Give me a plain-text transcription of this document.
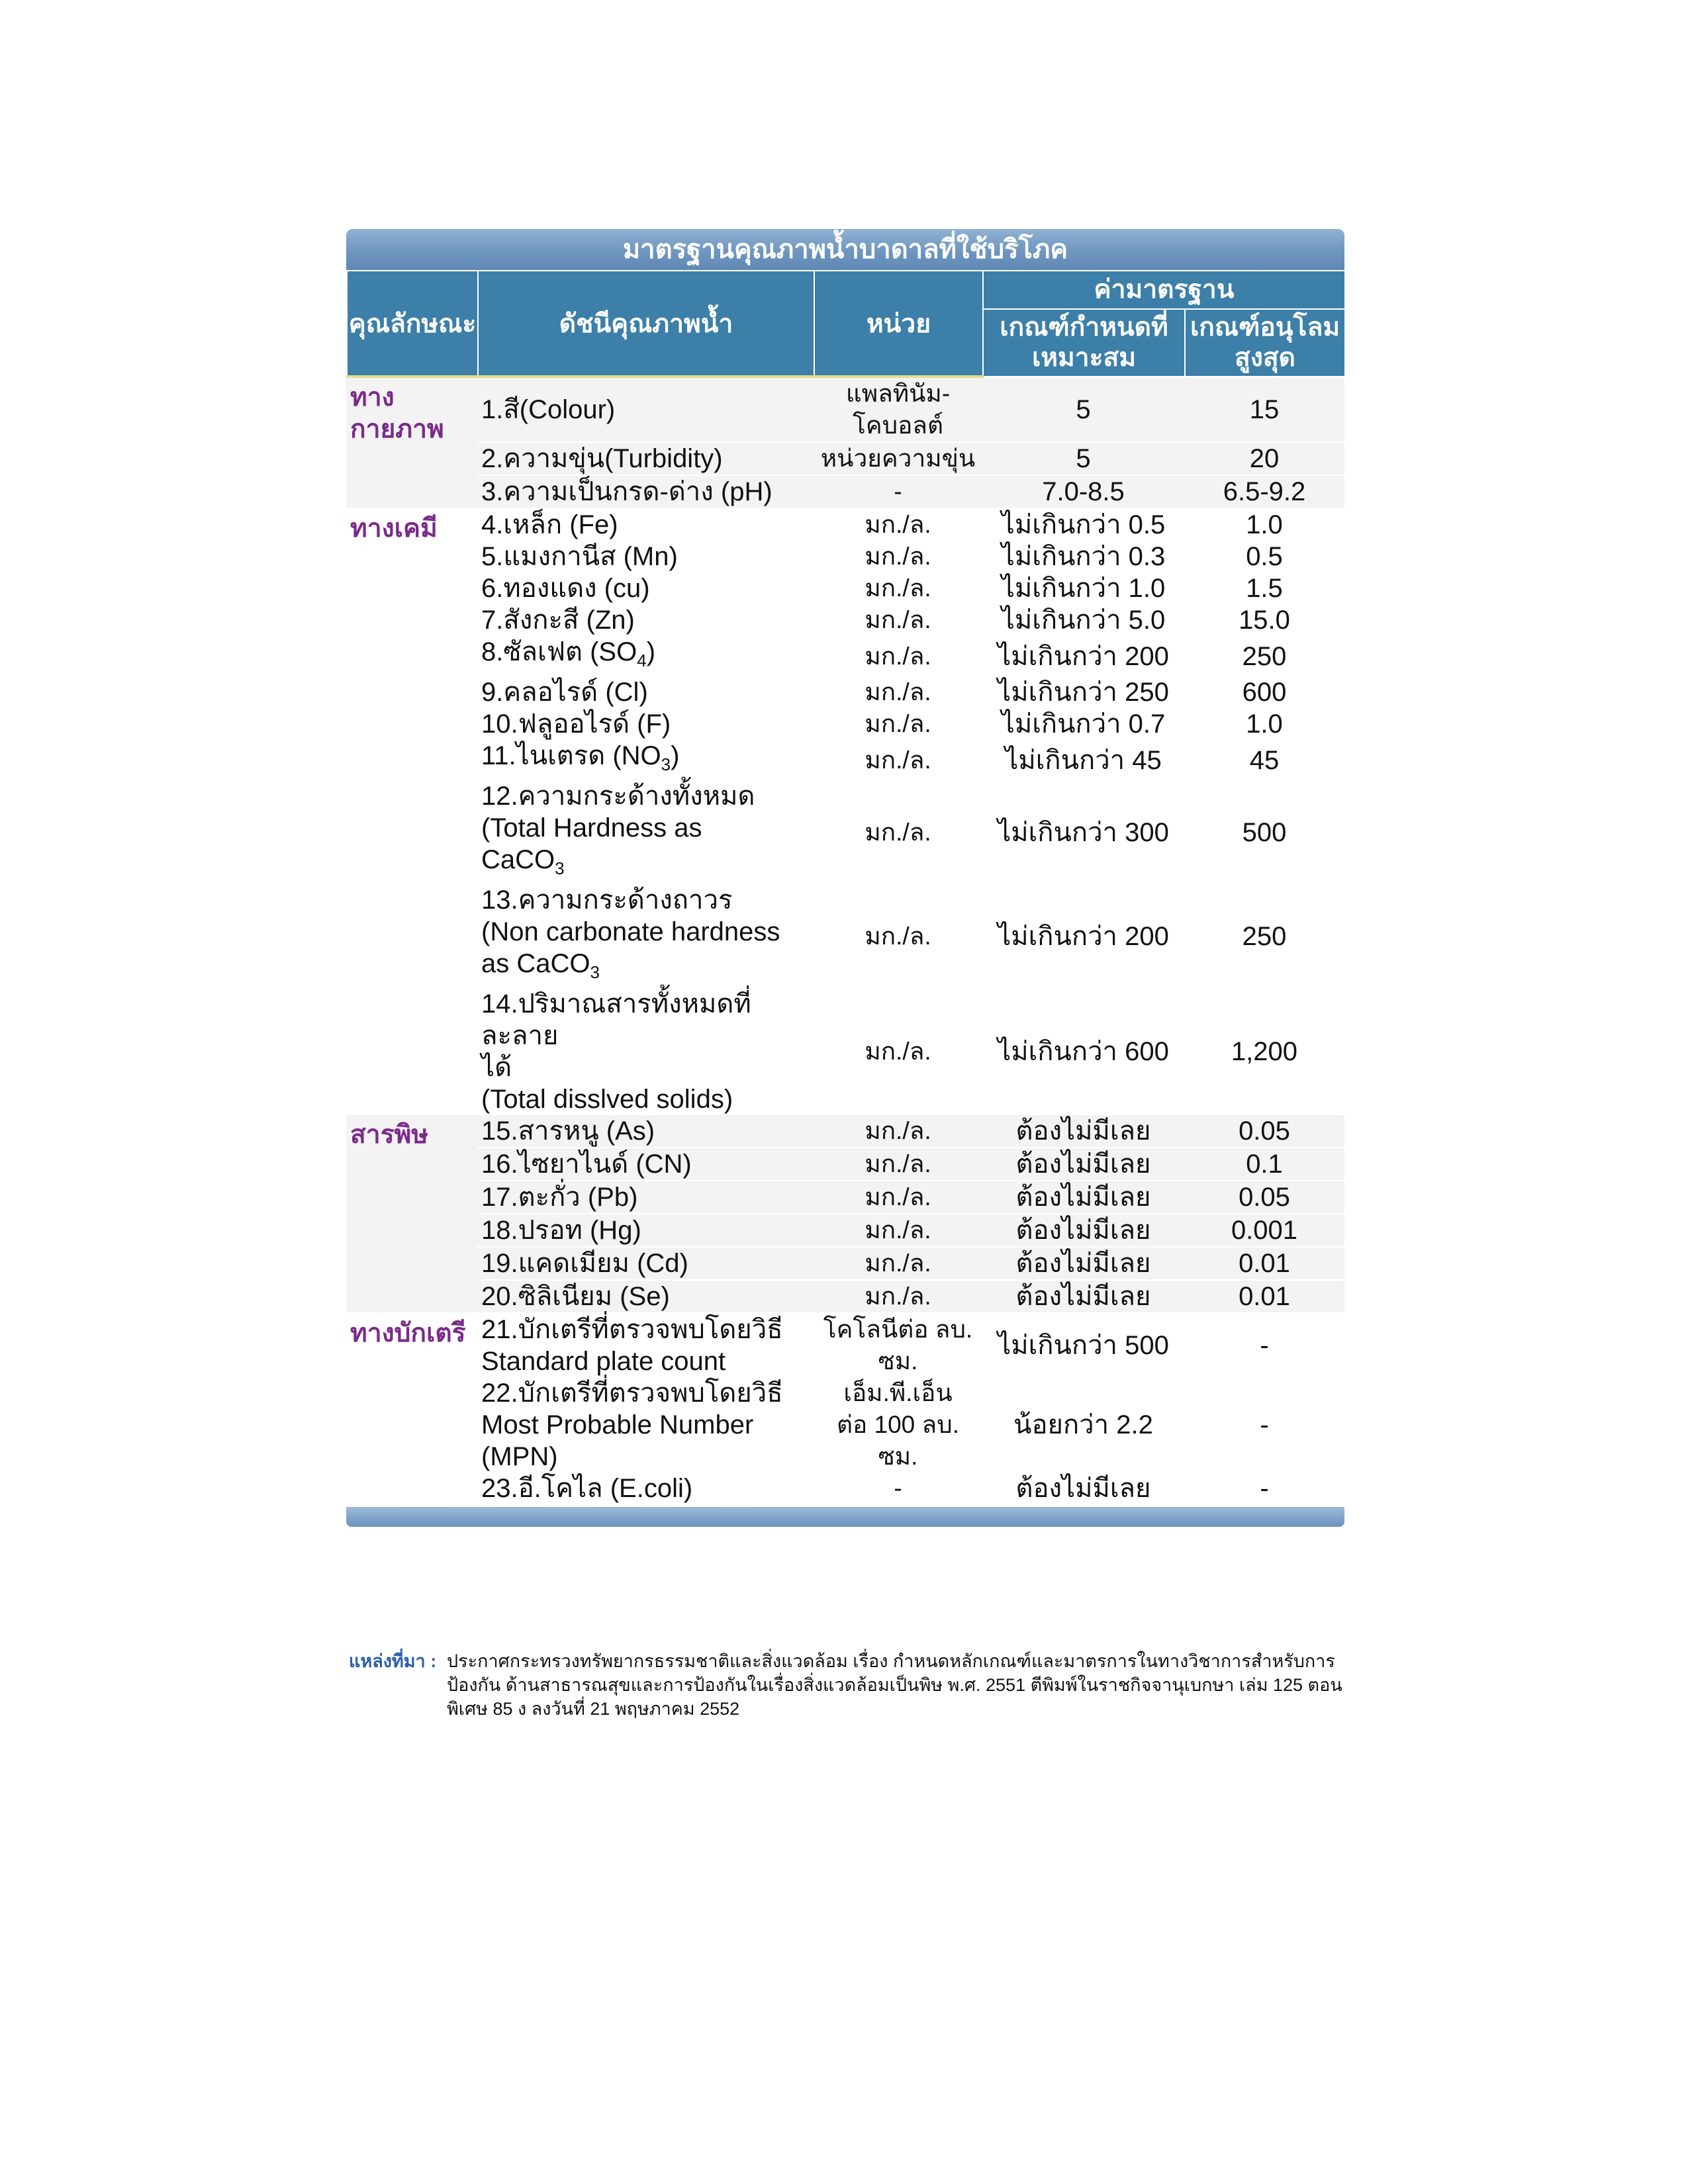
มาตรฐานคุณภาพน้ำบาดาลที่ใช้บริโภค
คุณลักษณะ	ดัชนีคุณภาพน้ำ	หน่วย	ค่ามาตรฐาน	
			เกณฑ์กำหนดที่เหมาะสม	เกณฑ์อนุโลมสูงสุด
ทางกายภาพ	1.สี(Colour)	แพลทินัม-โคบอลต์	5	15
	2.ความขุ่น(Turbidity)	หน่วยความขุ่น	5	20
	3.ความเป็นกรด-ด่าง (pH)	-	7.0-8.5	6.5-9.2
ทางเคมี	4.เหล็ก (Fe)	มก./ล.	ไม่เกินกว่า 0.5	1.0
	5.แมงกานีส (Mn)	มก./ล.	ไม่เกินกว่า 0.3	0.5
	6.ทองแดง (cu)	มก./ล.	ไม่เกินกว่า 1.0	1.5
	7.สังกะสี (Zn)	มก./ล.	ไม่เกินกว่า 5.0	15.0
	8.ซัลเฟต $(SO_4)$	มก./ล.	ไม่เกินกว่า 200	250
	9.คลอไรด์ (Cl)	มก./ล.	ไม่เกินกว่า 250	600
	10.ฟลูออไรด์ (F)	มก./ล.	ไม่เกินกว่า 0.7	1.0
	11.ไนเตรด $(NO_3)$	มก./ล.	ไม่เกินกว่า 45	45
	12.ความกระด้างทั้งหมด
(Total Hardness as
CaCO$_3$	มก./ล.	ไม่เกินกว่า 300	500
	13.ความกระด้างถาวร
(Non carbonate hardness
as CaCO$_3$	มก./ล.	ไม่เกินกว่า 200	250
	14.ปริมาณสารทั้งหมดที่ละลาย
ได้
(Total disslved solids)	มก./ล.	ไม่เกินกว่า 600	1,200
สารพิษ	15.สารหนู (As)	มก./ล.	ต้องไม่มีเลย	0.05
	16.ไซยาไนด์ (CN)	มก./ล.	ต้องไม่มีเลย	0.1
	17.ตะกั่ว (Pb)	มก./ล.	ต้องไม่มีเลย	0.05
	18.ปรอท (Hg)	มก./ล.	ต้องไม่มีเลย	0.001
	19.แคดเมียม (Cd)	มก./ล.	ต้องไม่มีเลย	0.01
	20.ซิลิเนียม (Se)	มก./ล.	ต้องไม่มีเลย	0.01
ทางบักเตรี	21.บักเตรีที่ตรวจพบโดยวิธี
Standard plate count	โคโลนีต่อ ลบ.
ซม.	ไม่เกินกว่า 500	-
	22.บักเตรีที่ตรวจพบโดยวิธี
Most Probable Number
(MPN)	เอ็ม.พี.เอ็น
ต่อ 100 ลบ.
ซม.	น้อยกว่า 2.2	-
	23.อี.โคไล (E.coli)	-	ต้องไม่มีเลย	-
แหล่งที่มา : ประกาศกระทรวงทรัพยากรธรรมชาติและสิ่งแวดล้อม เรื่อง กำหนดหลักเกณฑ์และมาตรการในทางวิชาการสำหรับการป้องกัน ด้านสาธารณสุขและการป้องกันในเรื่องสิ่งแวดล้อมเป็นพิษ พ.ศ. 2551 ตีพิมพ์ในราชกิจจานุเบกษา เล่ม 125 ตอนพิเศษ 85 ง ลงวันที่ 21 พฤษภาคม 2552
